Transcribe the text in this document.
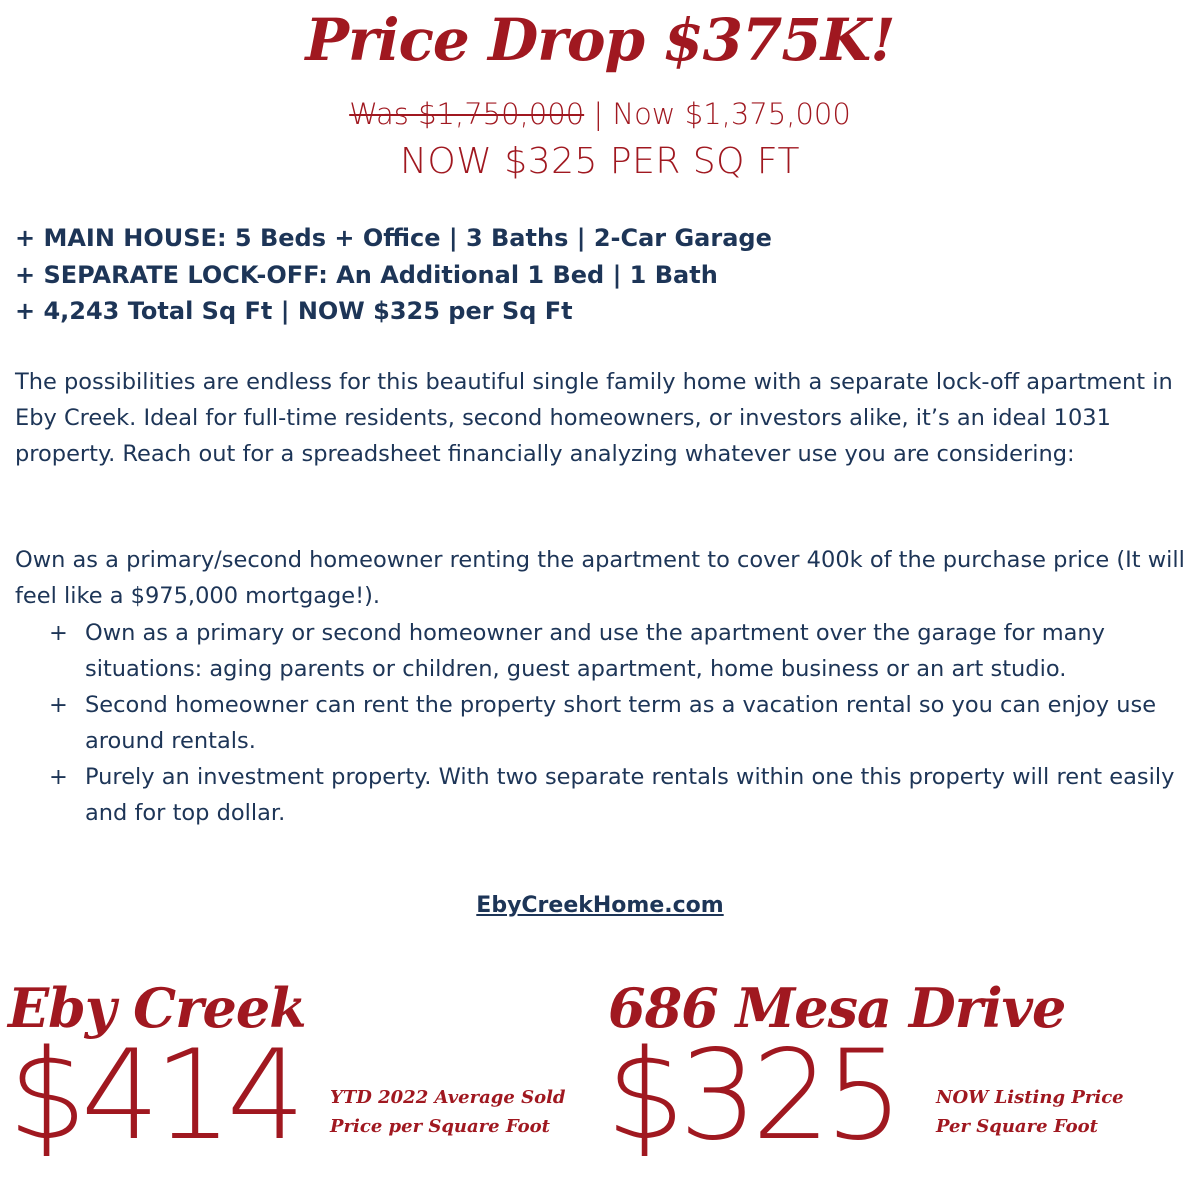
Price Drop $375K!
Was $1,750,000 | Now $1,375,000
NOW $325 PER SQ FT
+ MAIN HOUSE: 5 Beds + Office | 3 Baths | 2-Car Garage
+ SEPARATE LOCK-OFF: An Additional 1 Bed | 1 Bath
+ 4,243 Total Sq Ft | NOW $325 per Sq Ft

The possibilities are endless for this beautiful single family home with a separate lock-off apartment in Eby Creek. Ideal for full-time residents, second homeowners, or investors alike, it’s an ideal 1031 property. Reach out for a spreadsheet financially analyzing whatever use you are considering:

Own as a primary/second homeowner renting the apartment to cover 400k of the purchase price (It will feel like a $975,000 mortgage!).

+ Own as a primary or second homeowner and use the apartment over the garage for many situations: aging parents or children, guest apartment, home business or an art studio.
+ Second homeowner can rent the property short term as a vacation rental so you can enjoy use around rentals.
+ Purely an investment property. With two separate rentals within one this property will rent easily and for top dollar.
EbyCreekHome.com
Eby Creek
$414 YTD 2022 Average Sold
Price per Square Foot
686 Mesa Drive
$325 NOW Listing Price
Per Square Foot
